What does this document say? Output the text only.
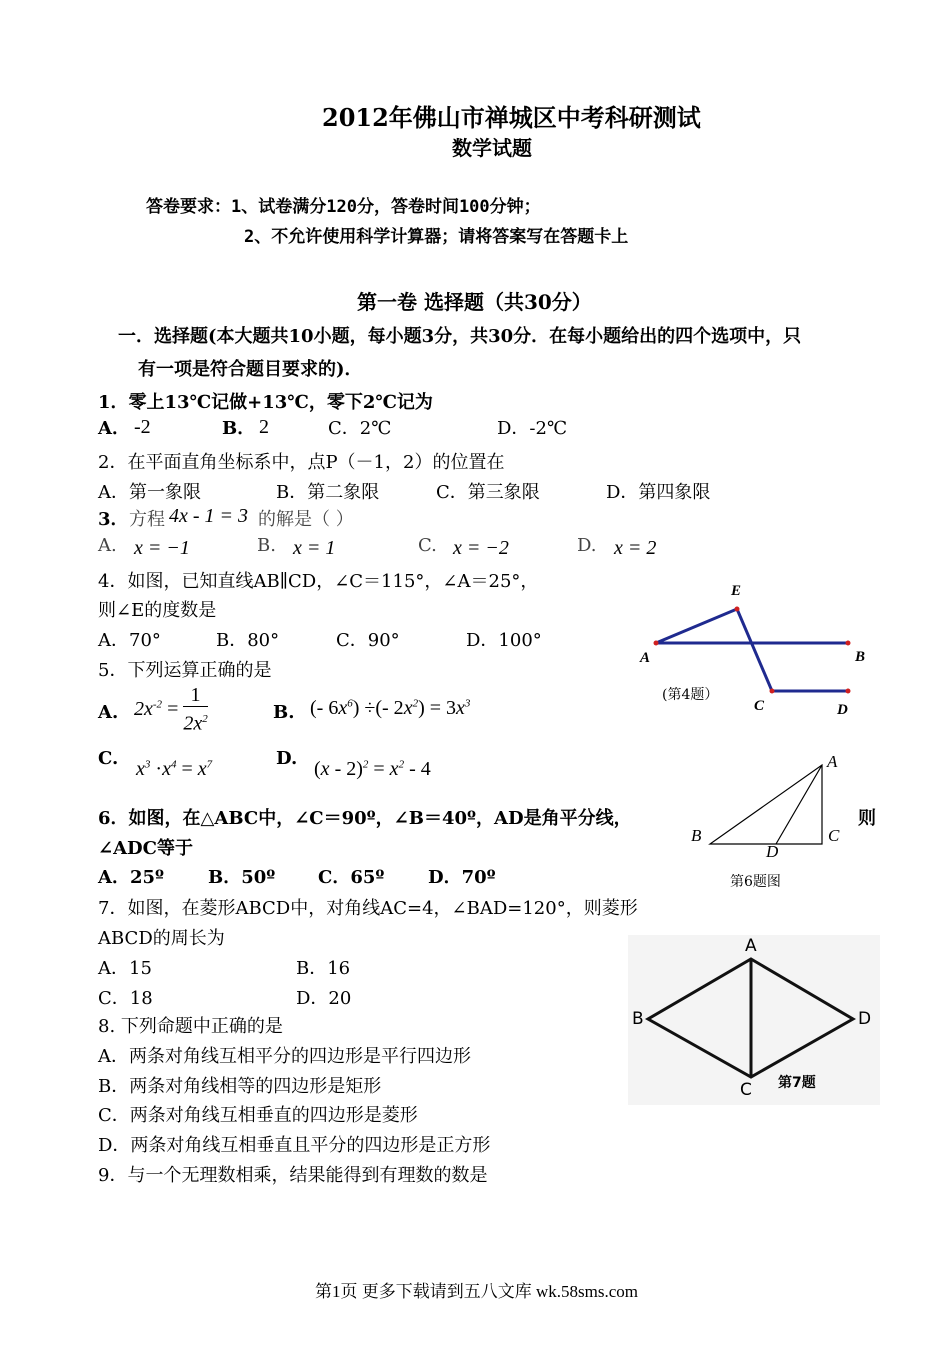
2012年佛山市禅城区中考科研测试
数学试题
答卷要求：1、试卷满分120分，答卷时间100分钟；
2、不允许使用科学计算器；请将答案写在答题卡上
第一卷 选择题（共30分）
一．选择题(本大题共10小题，每小题3分，共30分．在每小题给出的四个选项中，只
有一项是符合题目要求的)．
1．零上13℃记做+13℃，零下2℃记为
A． -2	B． 2	C．2℃	D．-2℃
2．在平面直角坐标系中，点P（－1，2）的位置在
A．第一象限	B．第二象限	C．第三象限	D．第四象限
3． 方程 4x - 1 = 3 的解是（ ）
A. x = −1	B. x = 1	C. x = −2	D. x = 2
4．如图，已知直线AB∥CD，∠C＝115°，∠A＝25°，
则∠E的度数是
A．70°	B．80°	C．90°	D．100°
E
A	B
C	D
(第4题）
5．下列运算正确的是
A. $2x^{-2} = \frac{1}{2x^2}$	B. (- $6x^6$) ÷(- $2x^2) = 3x^3$
C. $x^3 \cdot x^4 = x^7$	D. $(x - 2)^2 = x^2 - 4$
6．如图，在△ABC中，∠C＝90º，∠B＝40º，AD是角平分线，	则
∠ADC等于
A．25º B．50º C．65º D．70º
A
B	C
D
第6题图
7．如图，在菱形ABCD中，对角线AC=4，∠BAD=120°，则菱形
ABCD的周长为
A．15	B．16
C．18	D．20
A
B
C
D
第7题
8. 下列命题中正确的是
A．两条对角线互相平分的四边形是平行四边形
B．两条对角线相等的四边形是矩形
C．两条对角线互相垂直的四边形是菱形
D．两条对角线互相垂直且平分的四边形是正方形
9．与一个无理数相乘，结果能得到有理数的数是
第1页 更多下载请到五八文库 wk.58sms.com
